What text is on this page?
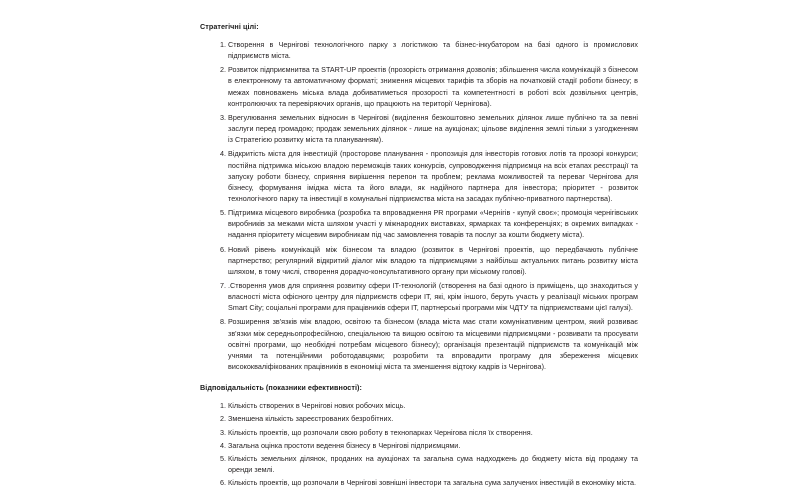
Стратегічні цілі:
Створення в Чернігові технологічного парку з логістикою та бізнес-інкубатором на базі одного із промислових підприємств міста.
Розвиток підприємнитва та START-UP проектів (прозорість отримання дозволів; збільшення числа комунікацій з бізнесом в електронному та автоматичному форматі; зниження місцевих тарифів та зборів на початковій стадії роботи бізнесу; в межах повноважень міська влада добиватиметься прозорості та компетентності в роботі всіх дозвільних центрів, контролюючих та перевіряючих органів, що працюють на території Чернігова).
Врегулювання земельних відносин в Чернігові (виділення безкоштовно земельних ділянок лише публічно та за певні заслуги перед громадою; продаж земельних ділянок - лише на аукціонах; цільове виділення землі тільки з узгодженням із Стратегією розвитку міста та плануванням).
Відкритість міста для інвестицій (просторове планування - пропозиція для інвесторів готових лотів та прозорі конкурси; постійна підтримка міською владою переможців таких конкурсів, супроводження підприємця на всіх етапах реєстрації та запуску роботи бізнесу, сприяння вирішення перепон та проблем; реклама можливостей та переваг Чернігова для бізнесу, формування іміджа міста та його влади, як надійного партнера для інвестора; пріоритет - розвиток технологічного парку та інвестиції в комунальні підприємства міста на засадах публічно-приватного партнерства).
Підтримка місцевого виробника (розробка та впровадження PR програми «Чернігів - купуй своє»; промоція чернігівських виробників за межами міста шляхом участі у міжнародних виставках, ярмарках та конференціях; в окремих випадках - надання пріоритету місцевим виробникам під час замовлення товарів та послуг за кошти бюджету міста).
Новий рівень комунікацій між бізнесом та владою (розвиток в Чернігові проектів, що передбачають публічне партнерство; регулярний відкритий діалог між владою та підприємцями з найбільш актуальних питань розвитку міста шляхом, в тому числі, створення дорадчо-консультативного органу при міському голові).
.Створення умов для сприяння розвитку сфери IT-технологій (створення на базі одного із приміщень, що знаходиться у власності міста офісного центру для підприємств сфери IT, які, крім іншого, беруть участь у реалізації міських програм Smart City; соціальні програми для працівників сфери IT, партнерські програми між ЧДТУ та підприємствами цієї галузі).
Розширення зв'язків між владою, освітою та бізнесом (влада міста має стати комунікативним центром, який розвиває зв'язки між середньопрофесійною, спеціальною та вищою освітою та місцевими підприємцями - розвивати та просувати освітні програми, що необхідні потребам місцевого бізнесу); організація презентацій підприємств та комунікацій між учнями та потенційними роботодавцями; розробити та впровадити програму для збереження місцевих висококваліфікованих працівників в економіці міста та зменшення відтоку кадрів із Чернігова).
Відповідальність (показники ефективності):
Кількість створених в Чернігові нових робочих місць.
Зменшена кількість зареєстрованих безробітних.
Кількість проектів, що розпочали свою роботу в технопарках Чернігова після їх створення.
Загальна оцінка простоти ведення бізнесу в Чернігові підприємцями.
Кількість земельних ділянок, проданих на аукціонах та загальна сума надходжень до бюджету міста від продажу та оренди землі.
Кількість проектів, що розпочали в Чернігові зовнішні інвестори та загальна сума залучених інвестицій в економіку міста.
